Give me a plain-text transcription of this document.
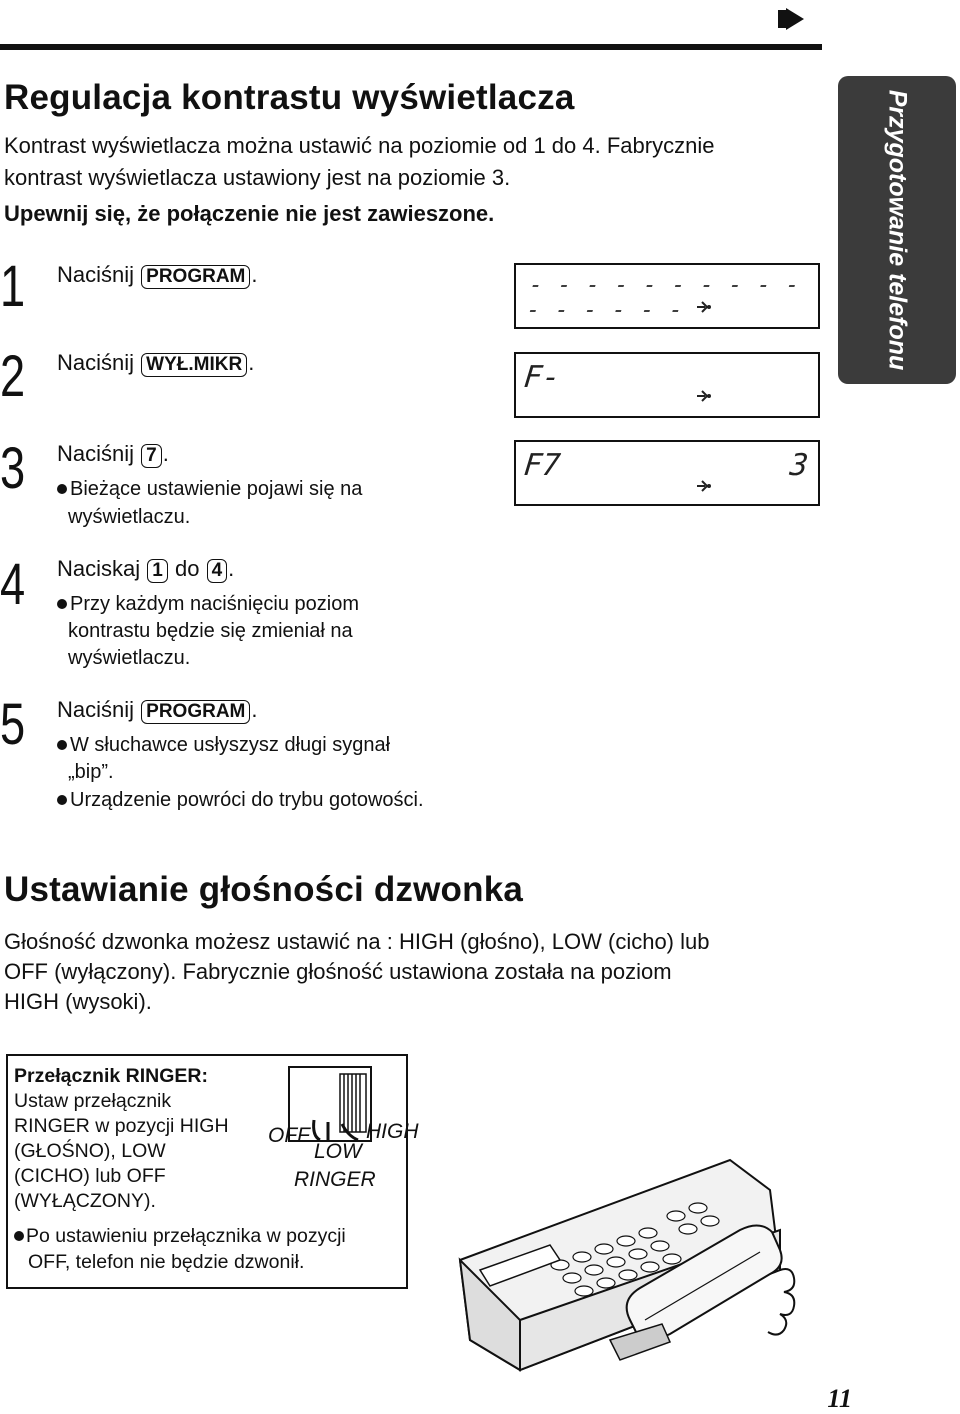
Regulacja kontrastu wyświetlacza
Kontrast wyświetlacza można ustawić na poziomie od 1 do 4. Fabrycznie
kontrast wyświetlacza ustawiony jest na poziomie 3.
Upewnij się, że połączenie nie jest zawieszone.
1 Naciśnij PROGRAM .
2 Naciśnij WYŁ.MIKR .
3 Naciśnij 7 .
Bieżące ustawienie pojawi się na
wyświetlaczu.
4 Naciskaj 1 do 4 .
Przy każdym naciśnięciu poziom
kontrastu będzie się zmieniał na
wyświetlaczu.
5 Naciśnij PROGRAM .
W słuchawce usłyszysz długi sygnał
„bip”.
Urządzenie powróci do trybu gotowości.
- - - - - - - - - - - - - - - -
F-
F7	3
Przygotowanie telefonu
Ustawianie głośności dzwonka
Głośność dzwonka możesz ustawić na : HIGH (głośno), LOW (cicho) lub
OFF (wyłączony). Fabrycznie głośność ustawiona została na poziom
HIGH (wysoki).
Przełącznik RINGER:
Ustaw przełącznik
RINGER w pozycji HIGH
(GŁOŚNO), LOW
(CICHO) lub OFF
(WYŁĄCZONY).
Po ustawieniu przełącznika w pozycji
OFF, telefon nie będzie dzwonił.
OFF	HIGH
LOW
RINGER
11
